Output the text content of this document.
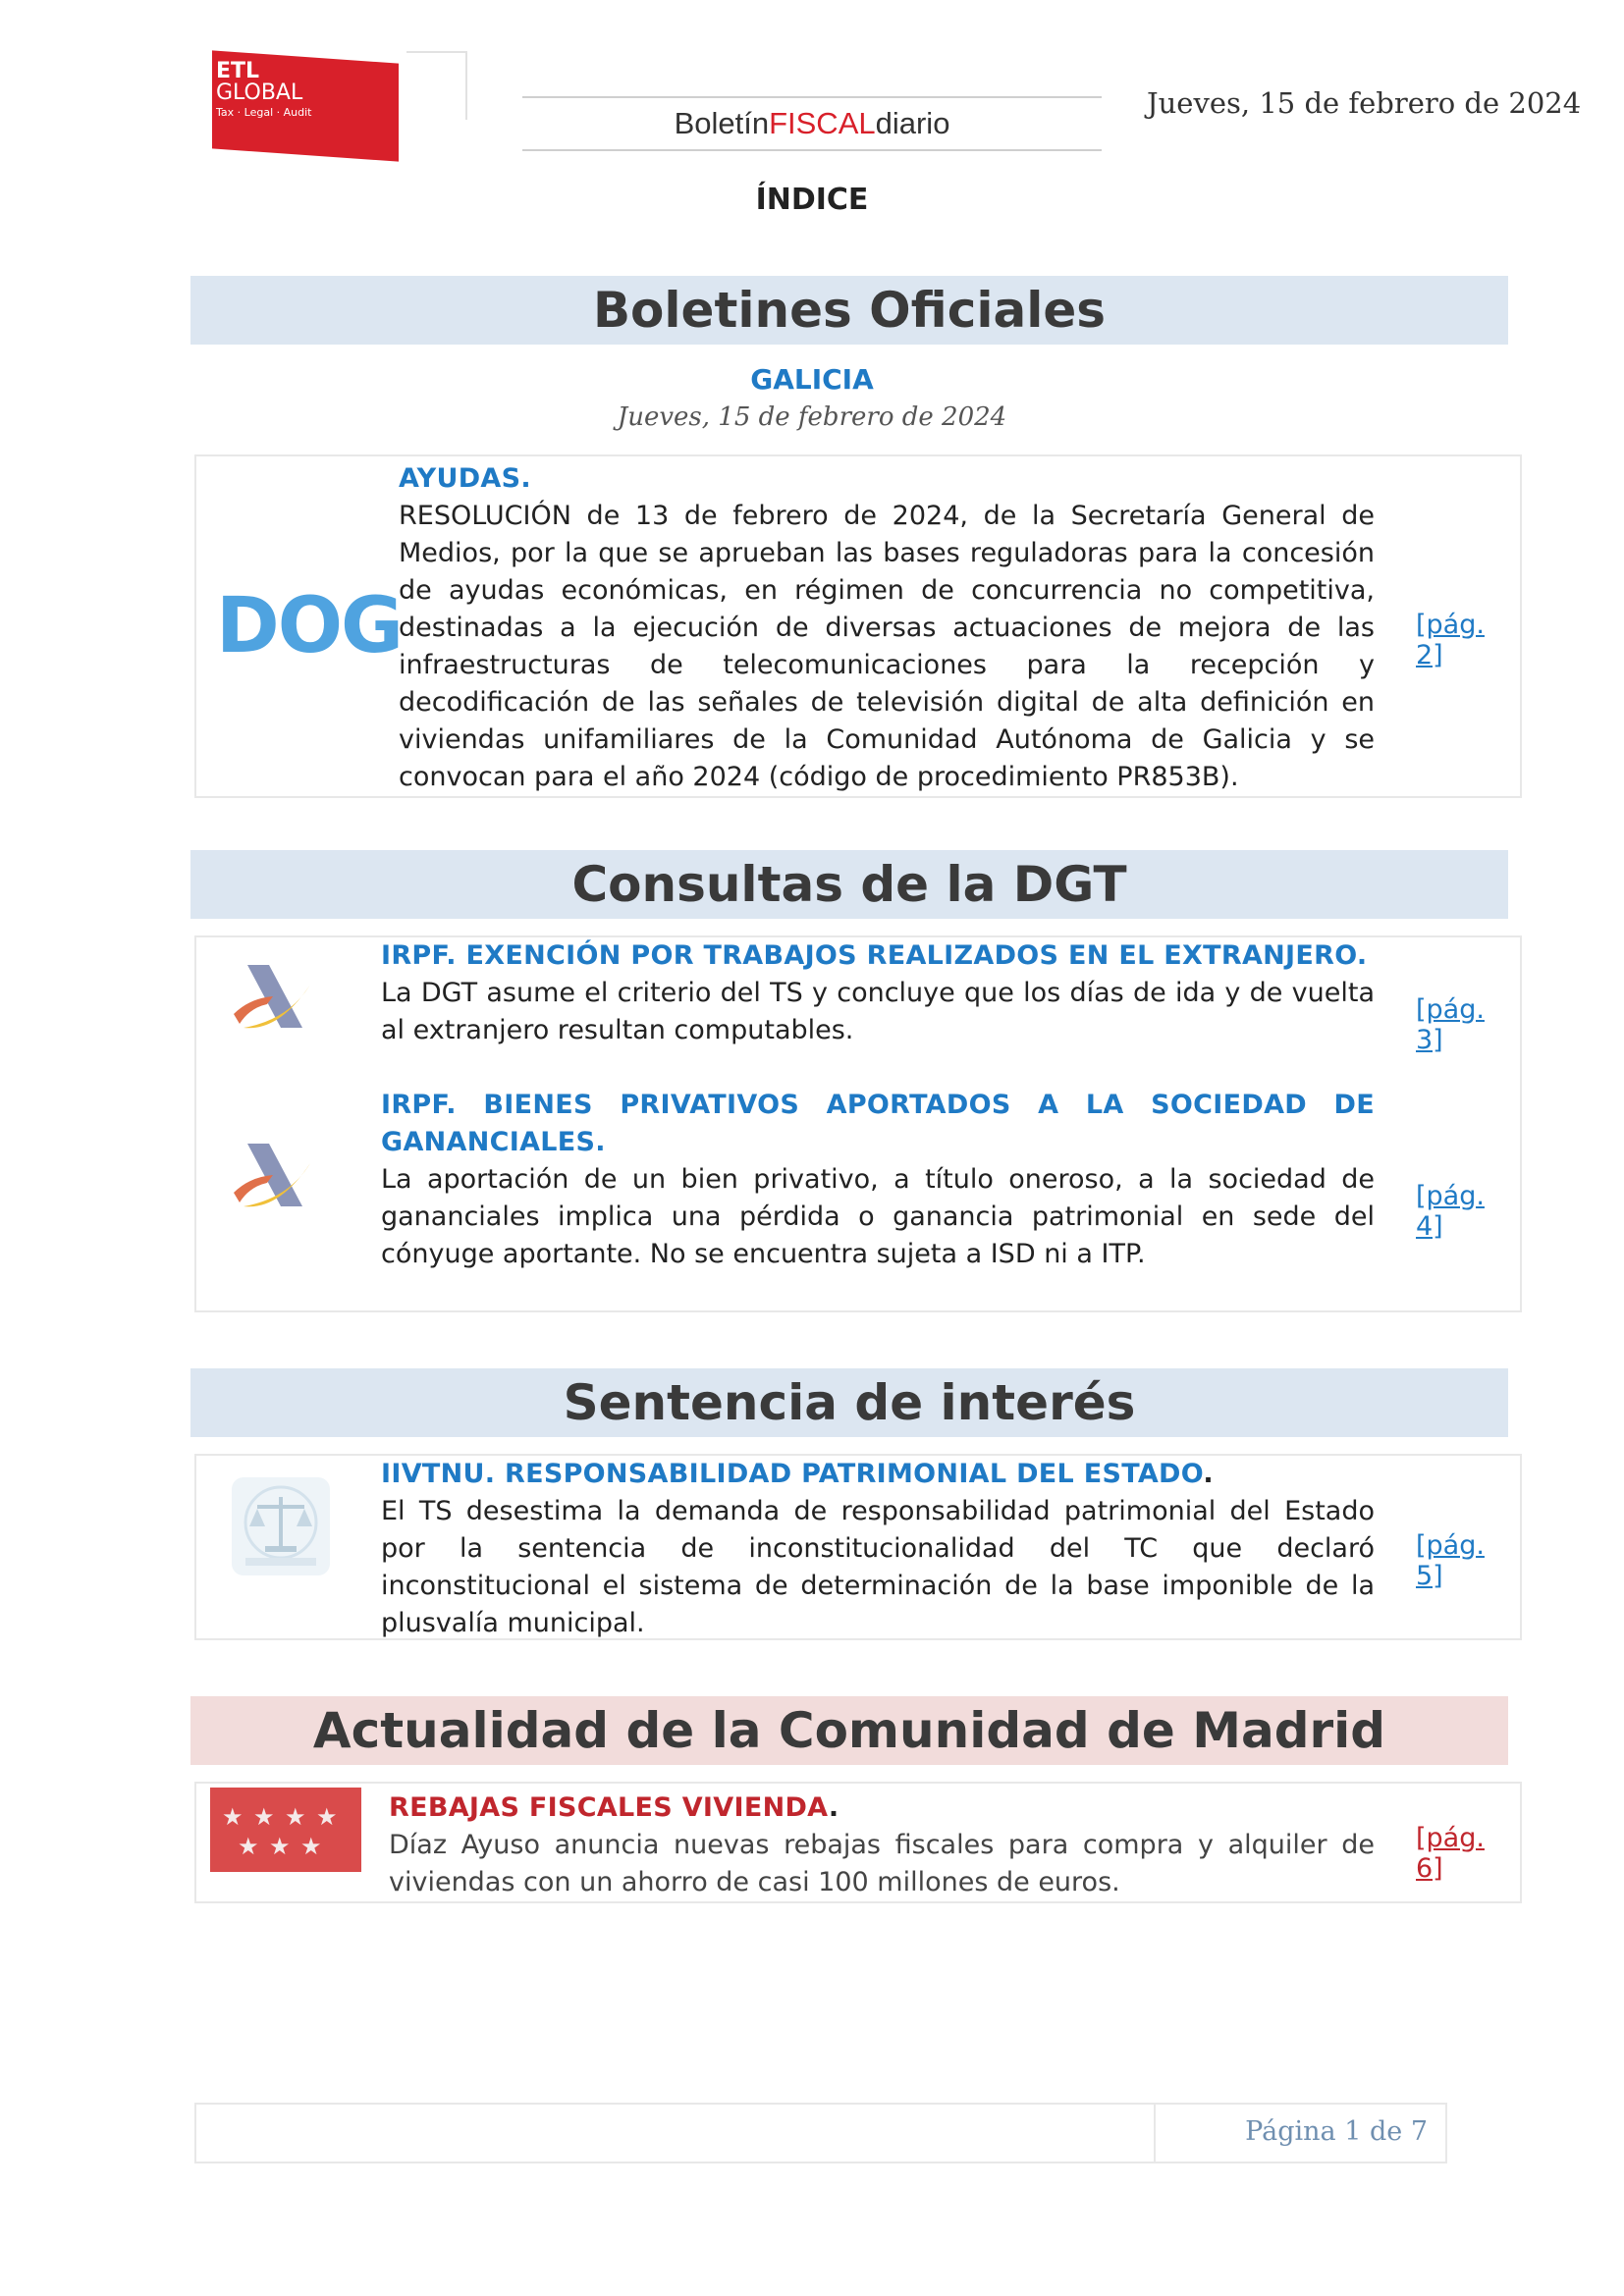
ETL
GLOBAL
Tax · Legal · Audit	Boletín FISCAL diario
Jueves, 15 de febrero de 2024
ÍNDICE
Boletines Oficiales
GALICIA
Jueves, 15 de febrero de 2024
DOG
AYUDAS.
RESOLUCIÓN de 13 de febrero de 2024, de la Secretaría General de Medios, por la que se aprueban las bases reguladoras para la concesión de ayudas económicas, en régimen de concurrencia no competitiva, destinadas a la ejecución de diversas actuaciones de mejora de las infraestructuras de telecomunicaciones para la recepción y decodificación de las señales de televisión digital de alta definición en viviendas unifamiliares de la Comunidad Autónoma de Galicia y se convocan para el año 2024 (código de procedimiento PR853B).
[pág. 2]
Consultas de la DGT
IRPF. EXENCIÓN POR TRABAJOS REALIZADOS EN EL EXTRANJERO.
La DGT asume el criterio del TS y concluye que los días de ida y de vuelta al extranjero resultan computables.
[pág. 3]
IRPF. BIENES PRIVATIVOS APORTADOS A LA SOCIEDAD DE GANANCIALES.
La aportación de un bien privativo, a título oneroso, a la sociedad de gananciales implica una pérdida o ganancia patrimonial en sede del cónyuge aportante. No se encuentra sujeta a ISD ni a ITP.
[pág. 4]
Sentencia de interés
IIVTNU. RESPONSABILIDAD PATRIMONIAL DEL ESTADO.
El TS desestima la demanda de responsabilidad patrimonial del Estado por la sentencia de inconstitucionalidad del TC que declaró inconstitucional el sistema de determinación de la base imponible de la plusvalía municipal.
[pág. 5]
Actualidad de la Comunidad de Madrid
★ ★ ★ ★
★ ★ ★
REBAJAS FISCALES VIVIENDA.
Díaz Ayuso anuncia nuevas rebajas fiscales para compra y alquiler de viviendas con un ahorro de casi 100 millones de euros.
[pág. 6]
Página 1 de 7
